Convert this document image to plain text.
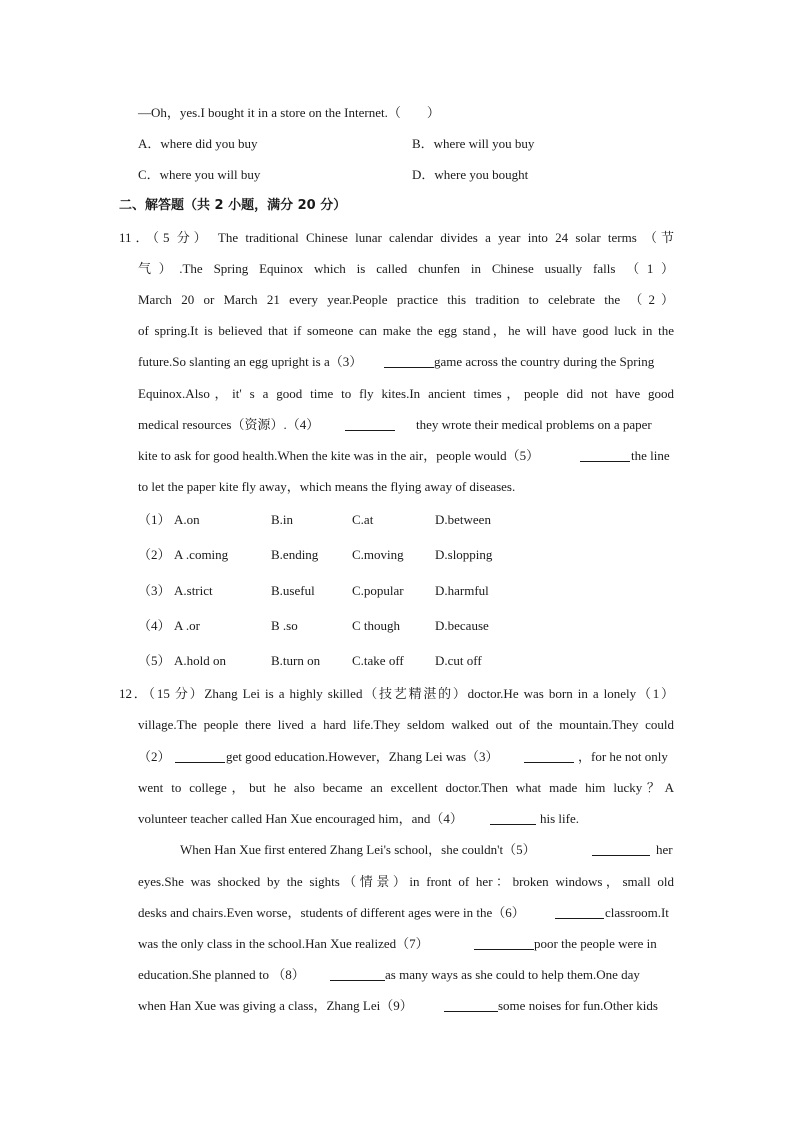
—Oh，yes.I bought it in a store on the Internet.（　　）
A．where did you buy	B．where will you buy
C．where you will buy	D．where you bought
二、解答题（共 2 小题，满分 20 分）
11．（5 分） The traditional Chinese lunar calendar divides a year into 24 solar terms （节
气）.The Spring Equinox which is called chunfen in Chinese usually falls （1）
March 20 or March 21 every year.People practice this tradition to celebrate the （2）
of spring.It is believed that if someone can make the egg stand，he will have good luck in the
future.So slanting an egg upright is a（3）	game across the country during the Spring
Equinox.Also，it' s a good time to fly kites.In ancient times，people did not have good
medical resources（资源）.（4）	they wrote their medical problems on a paper
kite to ask for good health.When the kite was in the air，people would（5）	the line
to let the paper kite fly away，which means the flying away of diseases.
（1） A.on	B.in	C.at	D.between
（2） A .coming	B.ending	C.moving D.slopping
（3） A.strict	B.useful	C.popular D.harmful
（4） A .or	B .so	C though	D.because
（5） A.hold on	B.turn on C.take off D.cut off
12．（15 分）Zhang Lei is a highly skilled（技艺精湛的）doctor.He was born in a lonely（1）
village.The people there lived a hard life.They seldom walked out of the mountain.They could
（2）	get good education.However，Zhang Lei was（3）	，for he not only
went to college，but he also became an excellent doctor.Then what made him lucky？A
volunteer teacher called Han Xue encouraged him，and（4）	his life.
When Han Xue first entered Zhang Lei's school，she couldn't（5）	her
eyes.She was shocked by the sights（情景）in front of her：broken windows，small old
desks and chairs.Even worse，students of different ages were in the（6）	classroom.It
was the only class in the school.Han Xue realized（7）	poor the people were in
education.She planned to （8）	as many ways as she could to help them.One day
when Han Xue was giving a class，Zhang Lei（9）	some noises for fun.Other kids
